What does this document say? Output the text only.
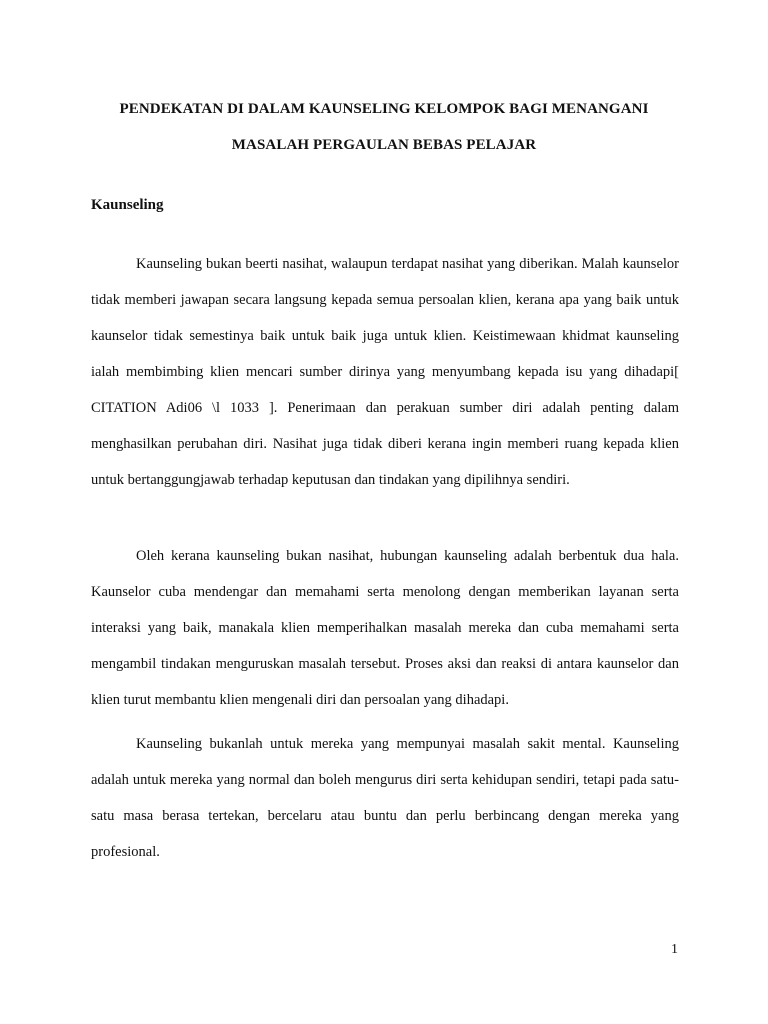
PENDEKATAN DI DALAM KAUNSELING KELOMPOK BAGI MENANGANI
MASALAH PERGAULAN BEBAS PELAJAR
Kaunseling

Kaunseling bukan beerti nasihat, walaupun terdapat nasihat yang diberikan. Malah kaunselor tidak memberi jawapan secara langsung kepada semua persoalan klien, kerana apa yang baik untuk kaunselor tidak semestinya baik untuk baik juga untuk klien. Keistimewaan khidmat kaunseling ialah membimbing klien mencari sumber dirinya yang menyumbang kepada isu yang dihadapi[ CITATION Adi06 \l 1033 ]. Penerimaan dan perakuan sumber diri adalah penting dalam menghasilkan perubahan diri. Nasihat juga tidak diberi kerana ingin memberi ruang kepada klien untuk bertanggungjawab terhadap keputusan dan tindakan yang dipilihnya sendiri.

Oleh kerana kaunseling bukan nasihat, hubungan kaunseling adalah berbentuk dua hala. Kaunselor cuba mendengar dan memahami serta menolong dengan memberikan layanan serta interaksi yang baik, manakala klien memperihalkan masalah mereka dan cuba memahami serta mengambil tindakan menguruskan masalah tersebut. Proses aksi dan reaksi di antara kaunselor dan klien turut membantu klien mengenali diri dan persoalan yang dihadapi.

Kaunseling bukanlah untuk mereka yang mempunyai masalah sakit mental. Kaunseling adalah untuk mereka yang normal dan boleh mengurus diri serta kehidupan sendiri, tetapi pada satu-satu masa berasa tertekan, bercelaru atau buntu dan perlu berbincang dengan mereka yang profesional.

1
